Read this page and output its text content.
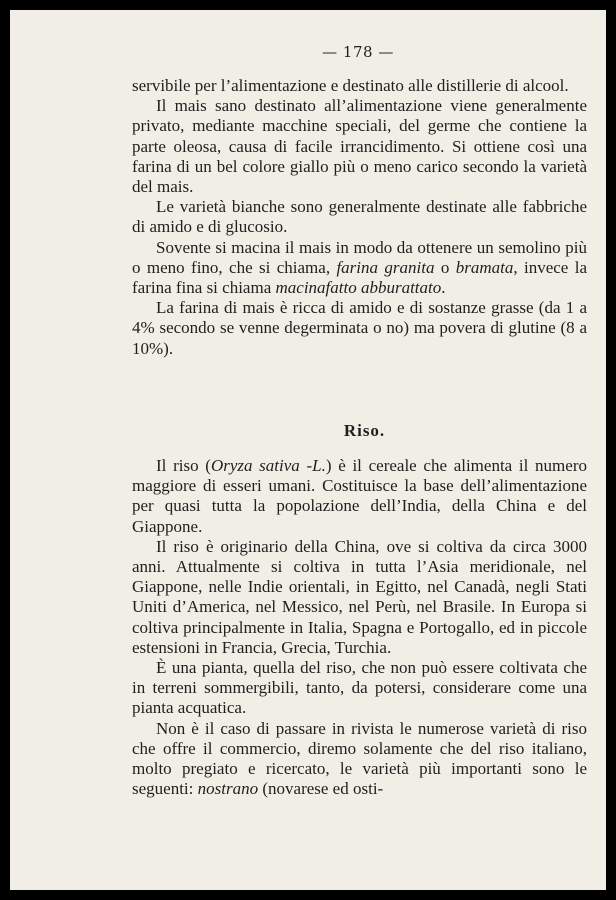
— 178 —

servibile per l’alimentazione e destinato alle distillerie di alcool.

Il mais sano destinato all’alimentazione viene generalmente privato, mediante macchine speciali, del germe che contiene la parte oleosa, causa di facile irrancidimento. Si ottiene così una farina di un bel colore giallo più o meno carico secondo la varietà del mais.

Le varietà bianche sono generalmente destinate alle fabbriche di amido e di glucosio.

Sovente si macina il mais in modo da ottenere un semolino più o meno fino, che si chiama, farina granita o bramata, invece la farina fina si chiama macinafatto abburattato.

La farina di mais è ricca di amido e di sostanze grasse (da 1 a 4% secondo se venne degerminata o no) ma povera di glutine (8 a 10%).

Riso.

Il riso (Oryza sativa -L.) è il cereale che alimenta il numero maggiore di esseri umani. Costituisce la base dell’alimentazione per quasi tutta la popolazione dell’India, della China e del Giappone.

Il riso è originario della China, ove si coltiva da circa 3000 anni. Attualmente si coltiva in tutta l’Asia meridionale, nel Giappone, nelle Indie orientali, in Egitto, nel Canadà, negli Stati Uniti d’America, nel Messico, nel Perù, nel Brasile. In Europa si coltiva principalmente in Italia, Spagna e Portogallo, ed in piccole estensioni in Francia, Grecia, Turchia.

È una pianta, quella del riso, che non può essere coltivata che in terreni sommergibili, tanto, da potersi, considerare come una pianta acquatica.

Non è il caso di passare in rivista le numerose varietà di riso che offre il commercio, diremo solamente che del riso italiano, molto pregiato e ricercato, le varietà più importanti sono le seguenti: nostrano (novarese ed osti-
